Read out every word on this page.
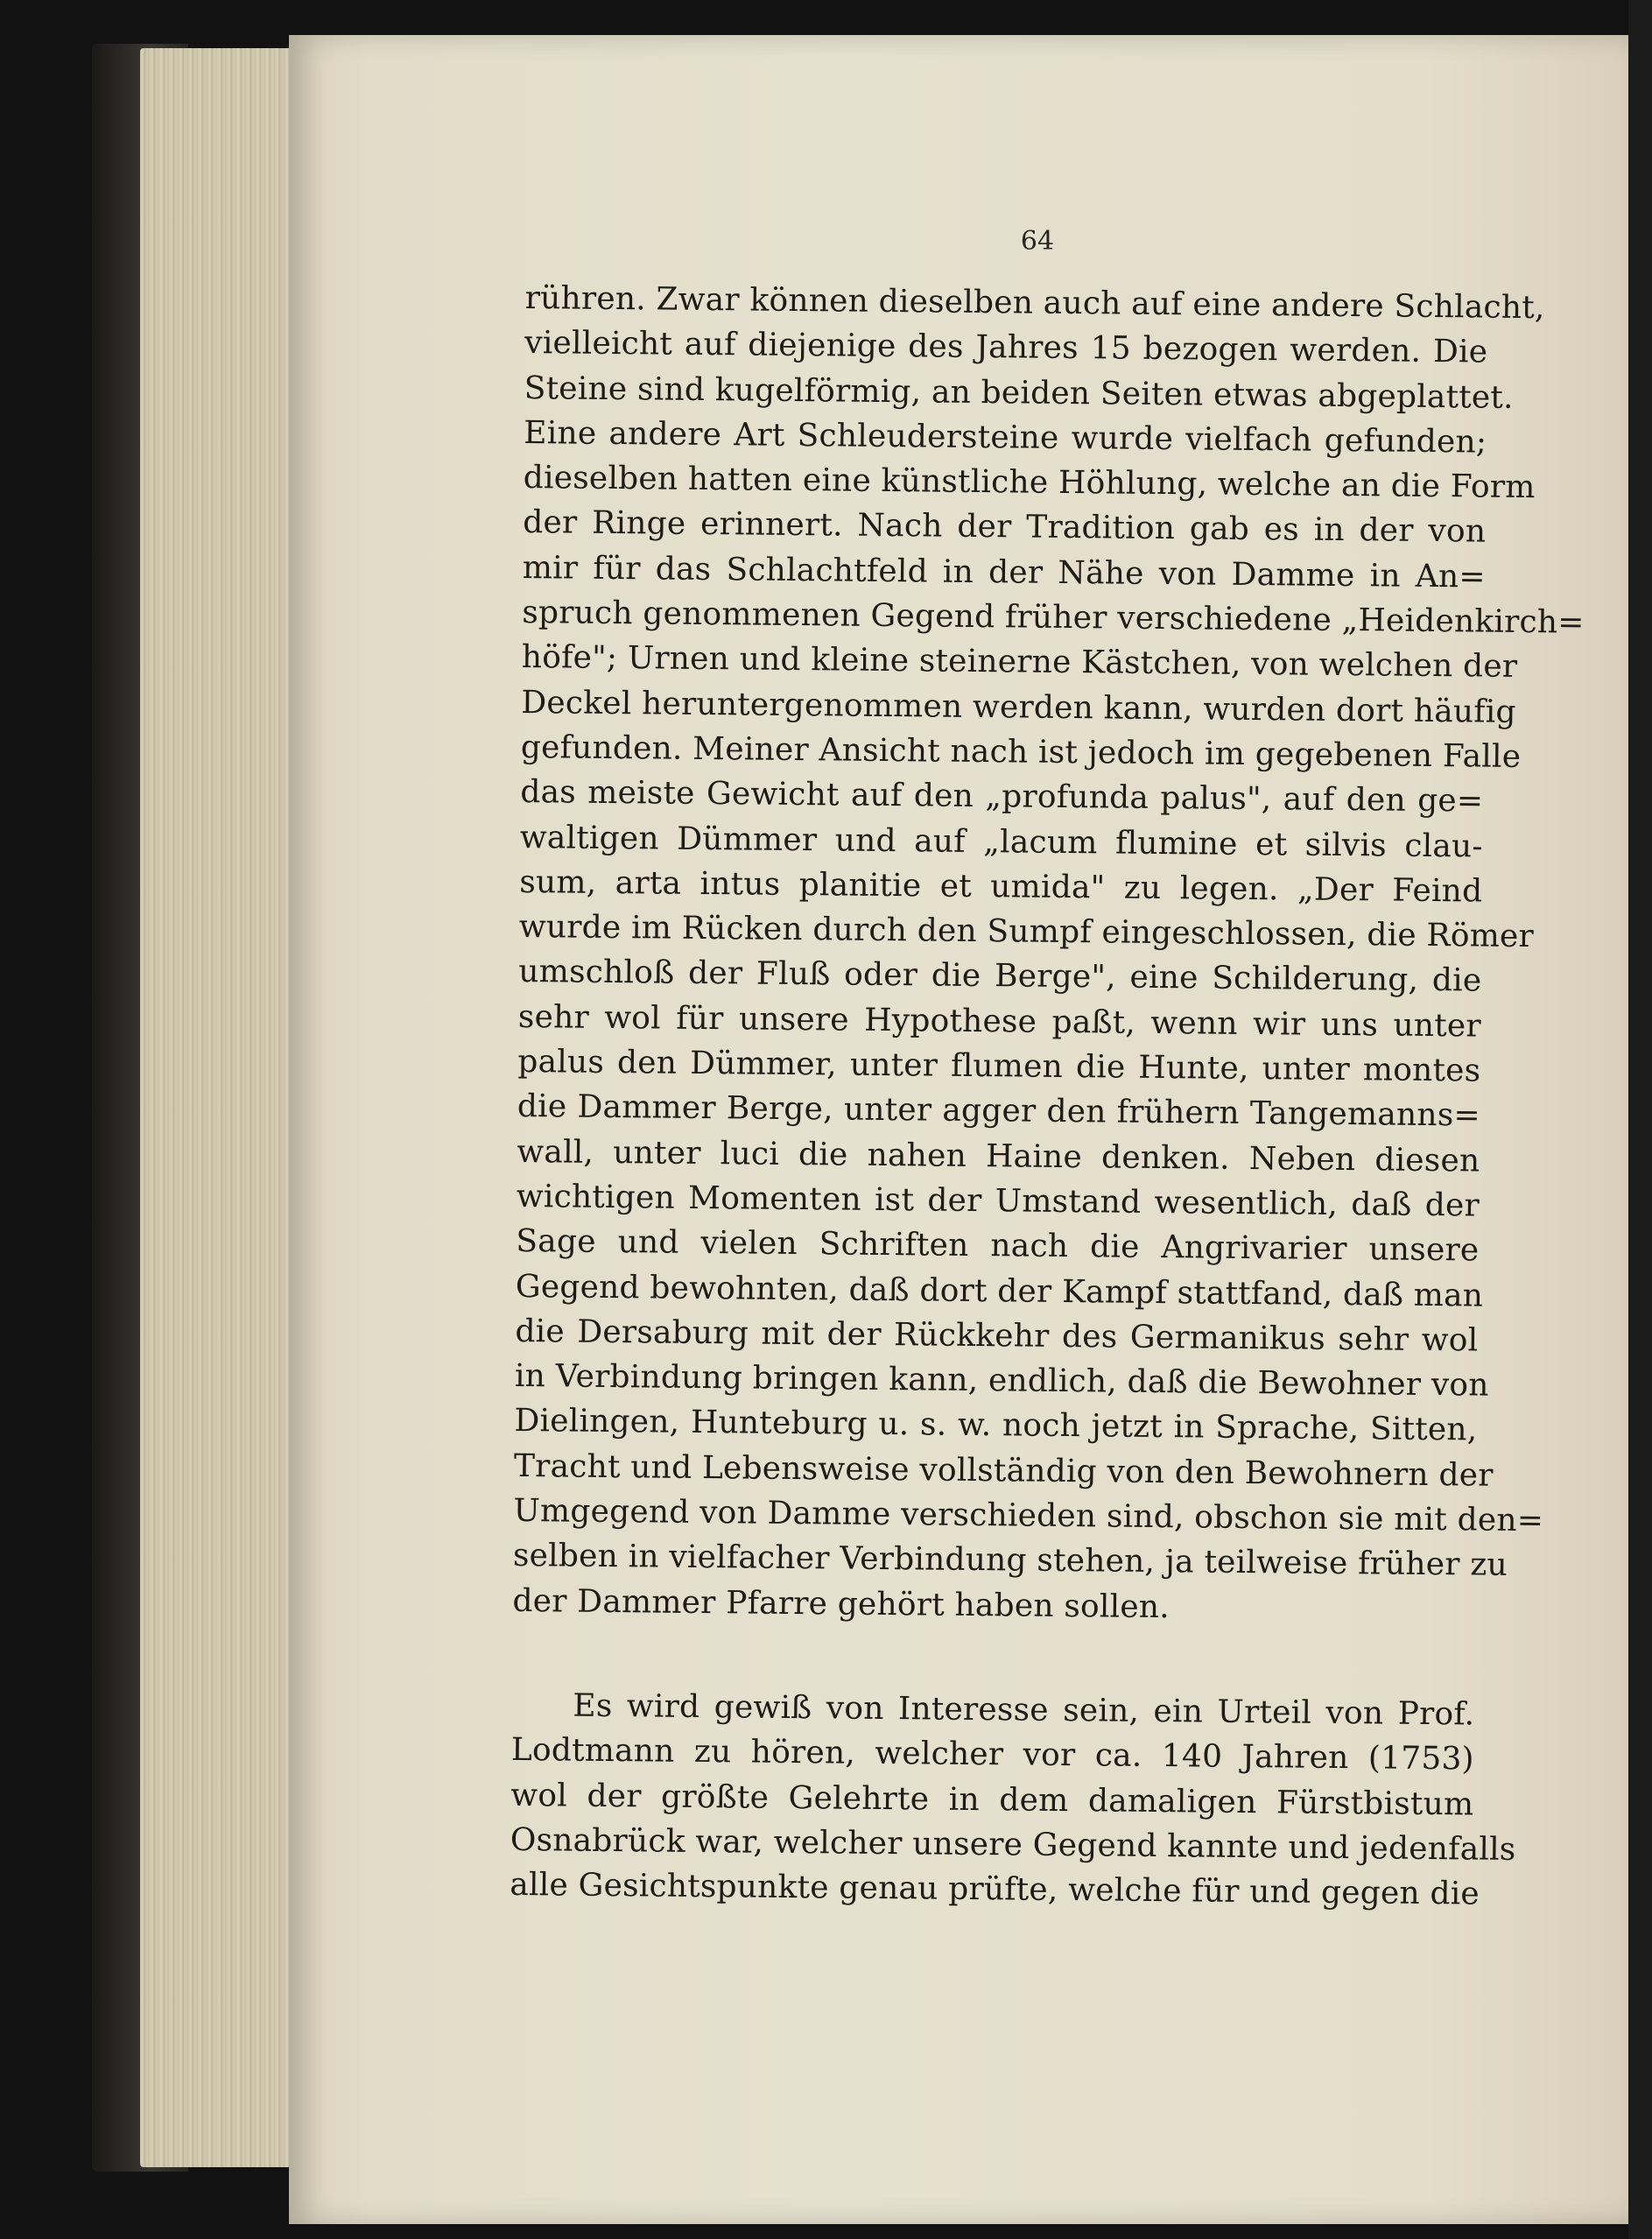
64
rühren. Zwar können dieselben auch auf eine andere Schlacht,
vielleicht auf diejenige des Jahres 15 bezogen werden. Die
Steine sind kugelförmig, an beiden Seiten etwas abgeplattet.
Eine andere Art Schleudersteine wurde vielfach gefunden;
dieselben hatten eine künstliche Höhlung, welche an die Form
der Ringe erinnert. Nach der Tradition gab es in der von
mir für das Schlachtfeld in der Nähe von Damme in An=
spruch genommenen Gegend früher verschiedene „Heidenkirch=
höfe"; Urnen und kleine steinerne Kästchen, von welchen der
Deckel heruntergenommen werden kann, wurden dort häufig
gefunden. Meiner Ansicht nach ist jedoch im gegebenen Falle
das meiste Gewicht auf den „profunda palus", auf den ge=
waltigen Dümmer und auf „lacum flumine et silvis clau-
sum, arta intus planitie et umida" zu legen. „Der Feind
wurde im Rücken durch den Sumpf eingeschlossen, die Römer
umschloß der Fluß oder die Berge", eine Schilderung, die
sehr wol für unsere Hypothese paßt, wenn wir uns unter
palus den Dümmer, unter flumen die Hunte, unter montes
die Dammer Berge, unter agger den frühern Tangemanns=
wall, unter luci die nahen Haine denken. Neben diesen
wichtigen Momenten ist der Umstand wesentlich, daß der
Sage und vielen Schriften nach die Angrivarier unsere
Gegend bewohnten, daß dort der Kampf stattfand, daß man
die Dersaburg mit der Rückkehr des Germanikus sehr wol
in Verbindung bringen kann, endlich, daß die Bewohner von
Dielingen, Hunteburg u. s. w. noch jetzt in Sprache, Sitten,
Tracht und Lebensweise vollständig von den Bewohnern der
Umgegend von Damme verschieden sind, obschon sie mit den=
selben in vielfacher Verbindung stehen, ja teilweise früher zu
der Dammer Pfarre gehört haben sollen.
Es wird gewiß von Interesse sein, ein Urteil von Prof.
Lodtmann zu hören, welcher vor ca. 140 Jahren (1753)
wol der größte Gelehrte in dem damaligen Fürstbistum
Osnabrück war, welcher unsere Gegend kannte und jedenfalls
alle Gesichtspunkte genau prüfte, welche für und gegen die
